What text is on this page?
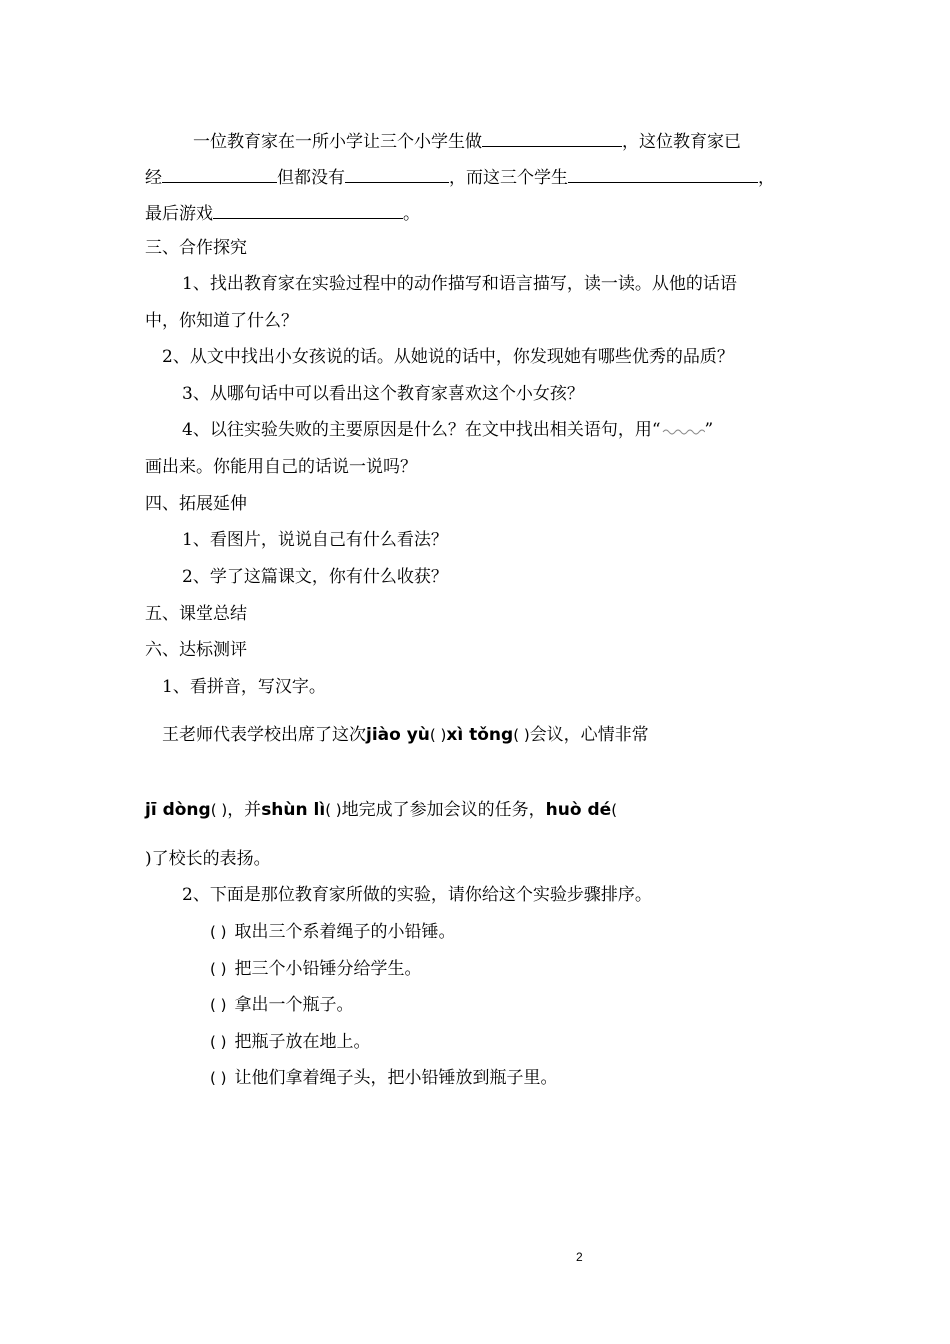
一位教育家在一所小学让三个小学生做	，这位教育家已
经	但都没有	，而这三个学生	，
最后游戏	。
三、合作探究
1、找出教育家在实验过程中的动作描写和语言描写，读一读。从他的话语
中，你知道了什么？
2、从文中找出小女孩说的话。从她说的话中，你发现她有哪些优秀的品质？
3、从哪句话中可以看出这个教育家喜欢这个小女孩？
4、以往实验失败的主要原因是什么？在文中找出相关语句，用“	”
画出来。你能用自己的话说一说吗？
四、拓展延伸
1、看图片，说说自己有什么看法？
2、学了这篇课文，你有什么收获？
五、课堂总结
六、达标测评
1、看拼音，写汉字。
王老师代表学校出席了这次jiào yù( )xì tǒng( )会议，心情非常
jī dòng( )，并shùn lì( )地完成了参加会议的任务，huò dé(
)了校长的表扬。
2、下面是那位教育家所做的实验，请你给这个实验步骤排序。
( ) 取出三个系着绳子的小铅锤。
( ) 把三个小铅锤分给学生。
( ) 拿出一个瓶子。
( ) 把瓶子放在地上。
( ) 让他们拿着绳子头，把小铅锤放到瓶子里。
2
